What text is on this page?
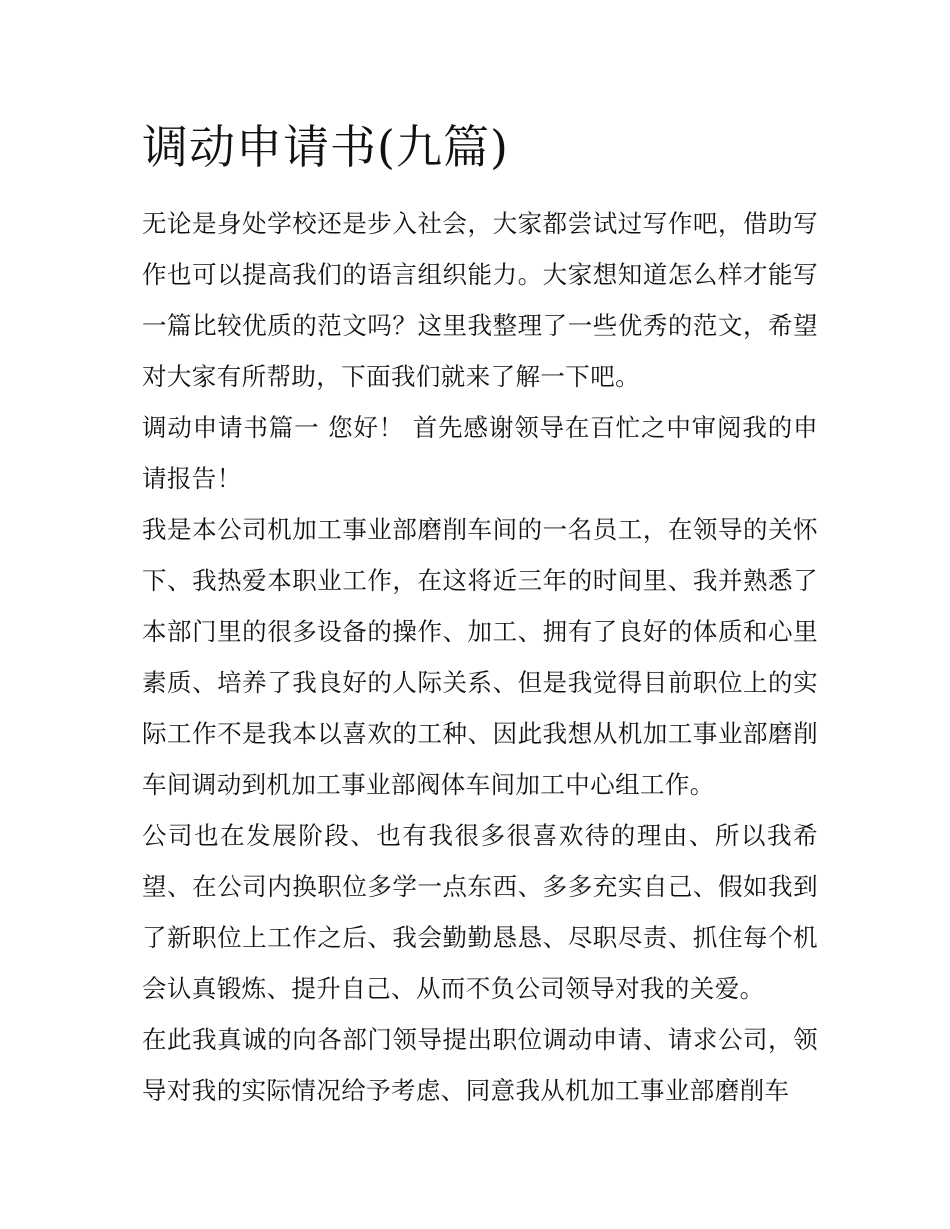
调动申请书(九篇)

无论是身处学校还是步入社会，大家都尝试过写作吧，借助写作也可以提高我们的语言组织能力。大家想知道怎么样才能写一篇比较优质的范文吗？这里我整理了一些优秀的范文，希望对大家有所帮助，下面我们就来了解一下吧。

调动申请书篇一 您好！ 首先感谢领导在百忙之中审阅我的申请报告！

我是本公司机加工事业部磨削车间的一名员工，在领导的关怀下、我热爱本职业工作，在这将近三年的时间里、我并熟悉了本部门里的很多设备的操作、加工、拥有了良好的体质和心里素质、培养了我良好的人际关系、但是我觉得目前职位上的实际工作不是我本以喜欢的工种、因此我想从机加工事业部磨削车间调动到机加工事业部阀体车间加工中心组工作。

公司也在发展阶段、也有我很多很喜欢待的理由、所以我希望、在公司内换职位多学一点东西、多多充实自己、假如我到了新职位上工作之后、我会勤勤恳恳、尽职尽责、抓住每个机会认真锻炼、提升自己、从而不负公司领导对我的关爱。

在此我真诚的向各部门领导提出职位调动申请、请求公司，领导对我的实际情况给予考虑、同意我从机加工事业部磨削车
